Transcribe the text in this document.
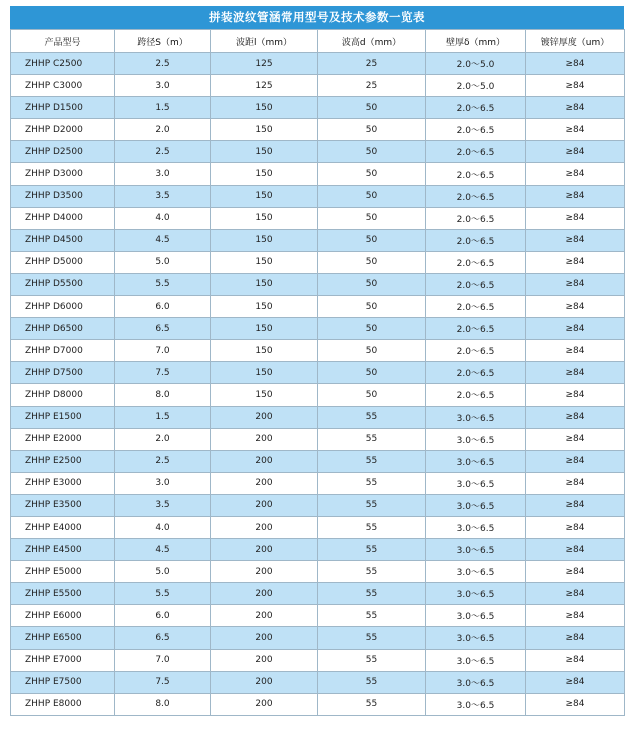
拼装波纹管涵常用型号及技术参数一览表
产品型号	跨径S（m）	波距l（mm）	波高d（mm）	壁厚δ（mm）	镀锌厚度（um）
ZHHP C2500	2.5	125	25	2.0～5.0	≥84
ZHHP C3000	3.0	125	25	2.0～5.0	≥84
ZHHP D1500	1.5	150	50	2.0～6.5	≥84
ZHHP D2000	2.0	150	50	2.0～6.5	≥84
ZHHP D2500	2.5	150	50	2.0～6.5	≥84
ZHHP D3000	3.0	150	50	2.0～6.5	≥84
ZHHP D3500	3.5	150	50	2.0～6.5	≥84
ZHHP D4000	4.0	150	50	2.0～6.5	≥84
ZHHP D4500	4.5	150	50	2.0～6.5	≥84
ZHHP D5000	5.0	150	50	2.0～6.5	≥84
ZHHP D5500	5.5	150	50	2.0～6.5	≥84
ZHHP D6000	6.0	150	50	2.0～6.5	≥84
ZHHP D6500	6.5	150	50	2.0～6.5	≥84
ZHHP D7000	7.0	150	50	2.0～6.5	≥84
ZHHP D7500	7.5	150	50	2.0～6.5	≥84
ZHHP D8000	8.0	150	50	2.0～6.5	≥84
ZHHP E1500	1.5	200	55	3.0～6.5	≥84
ZHHP E2000	2.0	200	55	3.0～6.5	≥84
ZHHP E2500	2.5	200	55	3.0～6.5	≥84
ZHHP E3000	3.0	200	55	3.0～6.5	≥84
ZHHP E3500	3.5	200	55	3.0～6.5	≥84
ZHHP E4000	4.0	200	55	3.0～6.5	≥84
ZHHP E4500	4.5	200	55	3.0～6.5	≥84
ZHHP E5000	5.0	200	55	3.0～6.5	≥84
ZHHP E5500	5.5	200	55	3.0～6.5	≥84
ZHHP E6000	6.0	200	55	3.0～6.5	≥84
ZHHP E6500	6.5	200	55	3.0～6.5	≥84
ZHHP E7000	7.0	200	55	3.0～6.5	≥84
ZHHP E7500	7.5	200	55	3.0～6.5	≥84
ZHHP E8000	8.0	200	55	3.0～6.5	≥84
